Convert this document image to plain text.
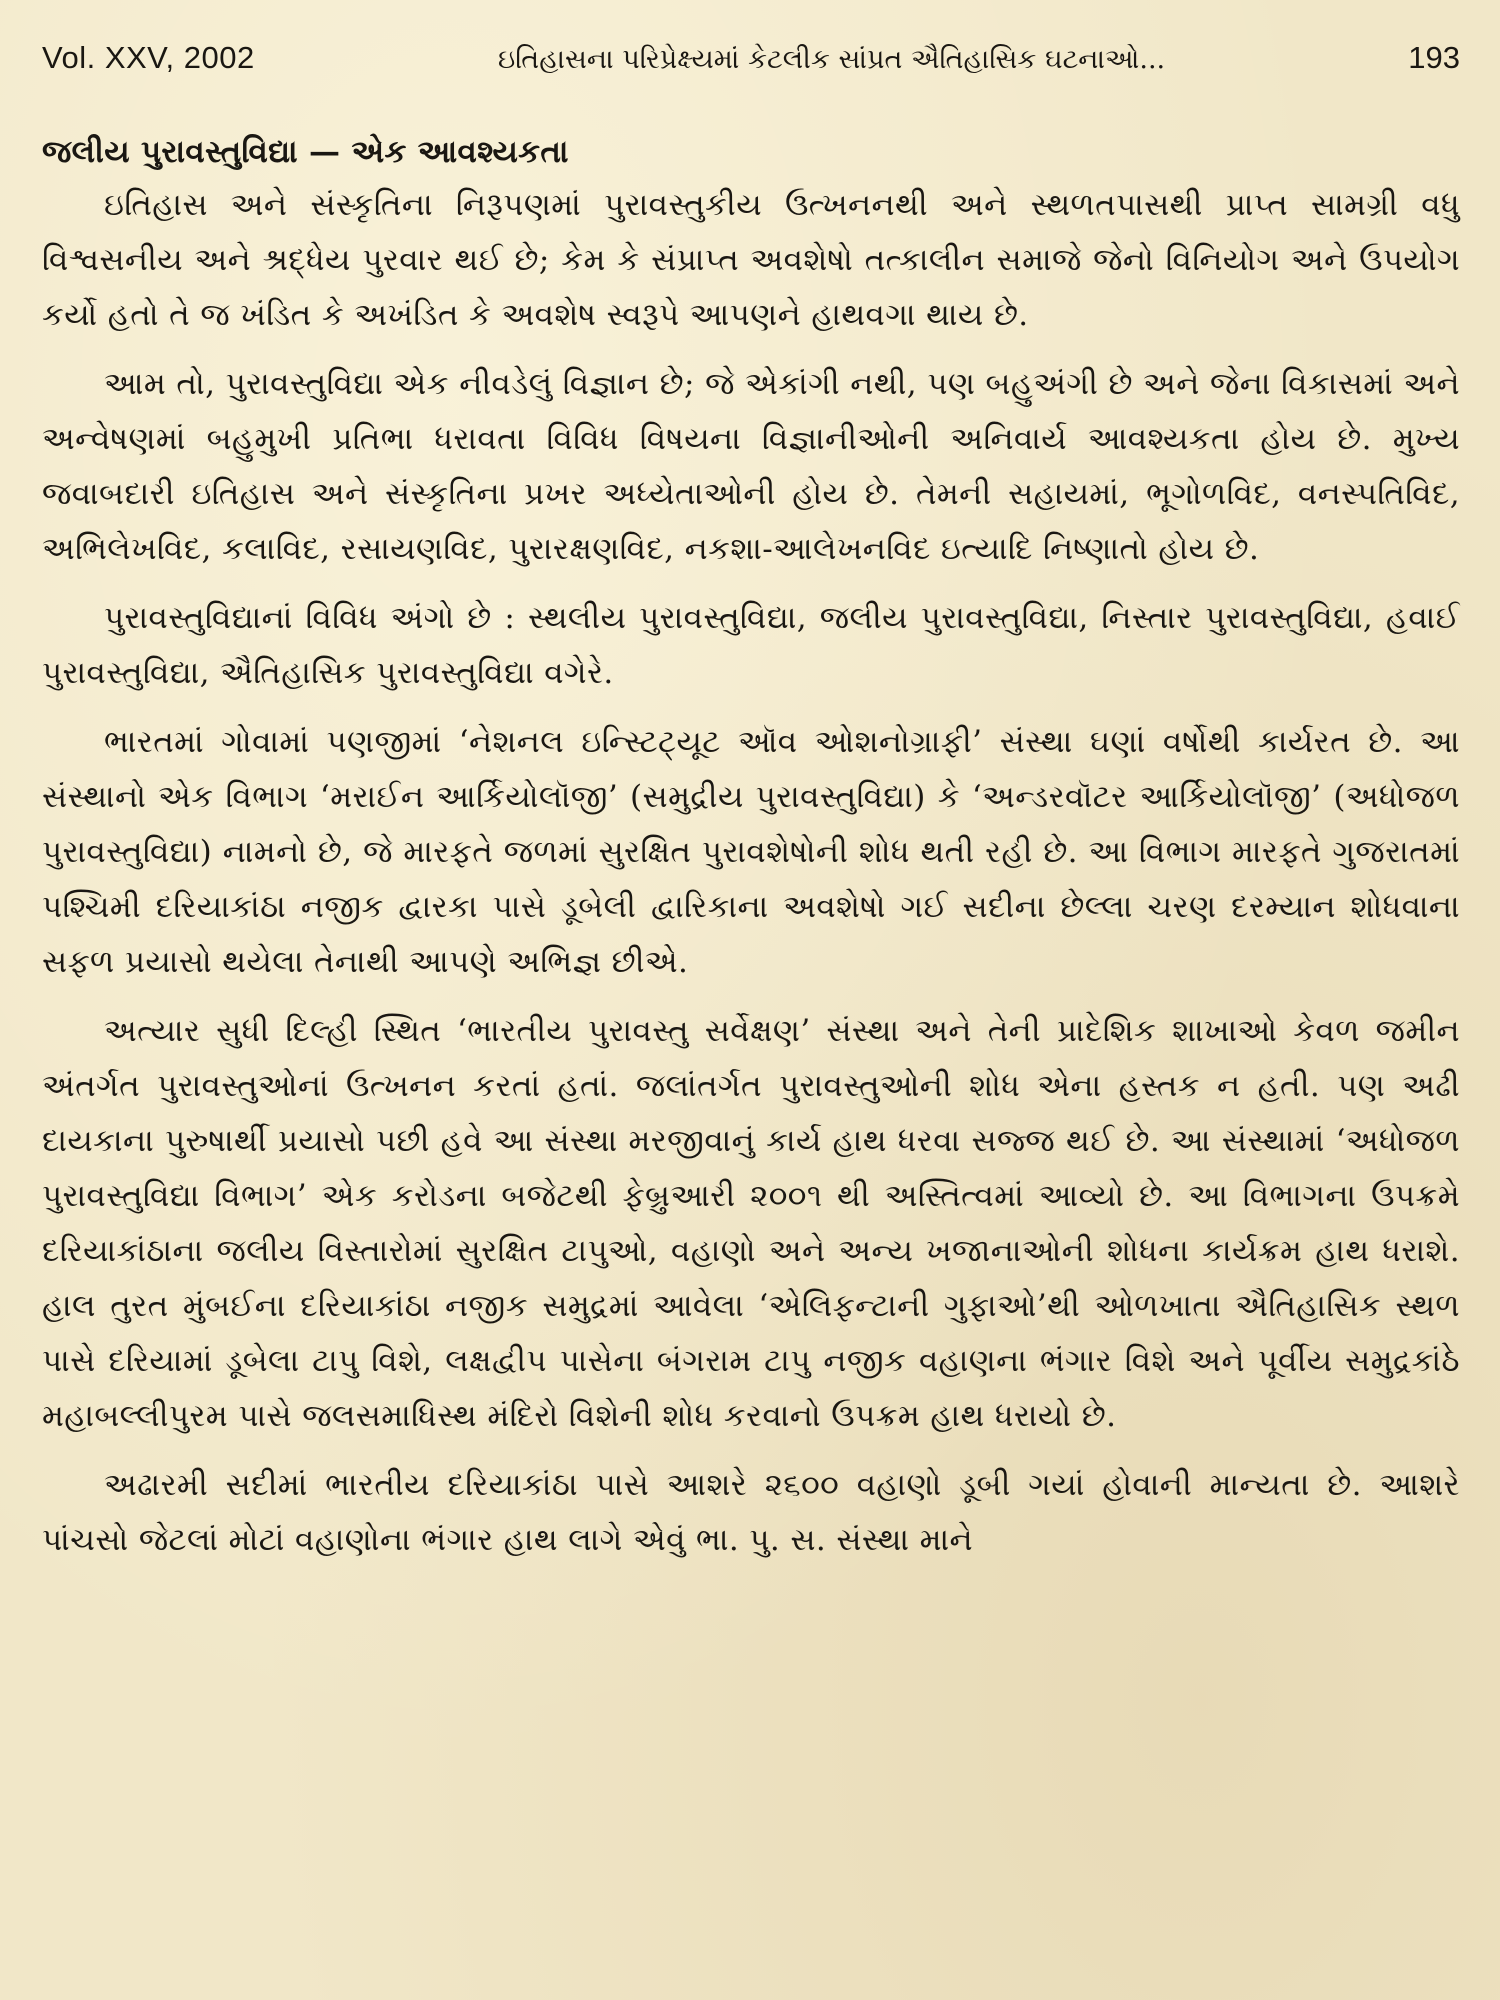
Vol. XXV, 2002	ઇતિહાસના પરિપ્રેક્ષ્યમાં કેટલીક સાંપ્રત ઐતિહાસિક ઘટનાઓ...	193
જલીય પુરાવસ્તુવિદ્યા — એક આવશ્યકતા

ઇતિહાસ અને સંસ્કૃતિના નિરૂપણમાં પુરાવસ્તુકીય ઉત્ખનનથી અને સ્થળતપાસથી પ્રાપ્ત સામગ્રી વધુ વિશ્વસનીય અને શ્રદ્ધેય પુરવાર થઈ છે; કેમ કે સંપ્રાપ્ત અવશેષો તત્કાલીન સમાજે જેનો વિનિયોગ અને ઉપયોગ કર્યો હતો તે જ ખંડિત કે અખંડિત કે અવશેષ સ્વરૂપે આપણને હાથવગા થાય છે.

આમ તો, પુરાવસ્તુવિદ્યા એક નીવડેલું વિજ્ઞાન છે; જે એકાંગી નથી, પણ બહુઅંગી છે અને જેના વિકાસમાં અને અન્વેષણમાં બહુમુખી પ્રતિભા ધરાવતા વિવિધ વિષયના વિજ્ઞાનીઓની અનિવાર્ય આવશ્યકતા હોય છે. મુખ્ય જવાબદારી ઇતિહાસ અને સંસ્કૃતિના પ્રખર અધ્યેતાઓની હોય છે. તેમની સહાયમાં, ભૂગોળવિદ, વનસ્પતિવિદ, અભિલેખવિદ, કલાવિદ, રસાયણવિદ, પુરારક્ષણવિદ, નકશા-આલેખનવિદ ઇત્યાદિ નિષ્ણાતો હોય છે.

પુરાવસ્તુવિદ્યાનાં વિવિધ અંગો છે : સ્થલીય પુરાવસ્તુવિદ્યા, જલીય પુરાવસ્તુવિદ્યા, નિસ્તાર પુરાવસ્તુવિદ્યા, હવાઈ પુરાવસ્તુવિદ્યા, ઐતિહાસિક પુરાવસ્તુવિદ્યા વગેરે.

ભારતમાં ગોવામાં પણજીમાં ‘નેશનલ ઇન્સ્ટિટ્યૂટ ઑવ ઓશનોગ્રાફી’ સંસ્થા ઘણાં વર્ષોથી કાર્યરત છે. આ સંસ્થાનો એક વિભાગ ‘મરાઈન આર્કિયોલૉજી’ (સમુદ્રીય પુરાવસ્તુવિદ્યા) કે ‘અન્ડરવૉટર આર્કિયોલૉજી’ (અધોજળ પુરાવસ્તુવિદ્યા) નામનો છે, જે મારફતે જળમાં સુરક્ષિત પુરાવશેષોની શોધ થતી રહી છે. આ વિભાગ મારફતે ગુજરાતમાં પશ્ચિમી દરિયાકાંઠા નજીક દ્વારકા પાસે ડૂબેલી દ્વારિકાના અવશેષો ગઈ સદીના છેલ્લા ચરણ દરમ્યાન શોધવાના સફળ પ્રયાસો થયેલા તેનાથી આપણે અભિજ્ઞ છીએ.

અત્યાર સુધી દિલ્હી સ્થિત ‘ભારતીય પુરાવસ્તુ સર્વેક્ષણ’ સંસ્થા અને તેની પ્રાદેશિક શાખાઓ કેવળ જમીન અંતર્ગત પુરાવસ્તુઓનાં ઉત્ખનન કરતાં હતાં. જલાંતર્ગત પુરાવસ્તુઓની શોધ એના હસ્તક ન હતી. પણ અઢી દાયકાના પુરુષાર્થી પ્રયાસો પછી હવે આ સંસ્થા મરજીવાનું કાર્ય હાથ ધરવા સજ્જ થઈ છે. આ સંસ્થામાં ‘અધોજળ પુરાવસ્તુવિદ્યા વિભાગ’ એક કરોડના બજેટથી ફેબ્રુઆરી ૨૦૦૧ થી અસ્તિત્વમાં આવ્યો છે. આ વિભાગના ઉપક્રમે દરિયાકાંઠાના જલીય વિસ્તારોમાં સુરક્ષિત ટાપુઓ, વહાણો અને અન્ય ખજાનાઓની શોધના કાર્યક્રમ હાથ ધરાશે. હાલ તુરત મુંબઈના દરિયાકાંઠા નજીક સમુદ્રમાં આવેલા ‘એલિફન્ટાની ગુફાઓ’થી ઓળખાતા ઐતિહાસિક સ્થળ પાસે દરિયામાં ડૂબેલા ટાપુ વિશે, લક્ષદ્વીપ પાસેના બંગરામ ટાપુ નજીક વહાણના ભંગાર વિશે અને પૂર્વીય સમુદ્રકાંઠે મહાબલ્લીપુરમ પાસે જલસમાધિસ્થ મંદિરો વિશેની શોધ કરવાનો ઉપક્રમ હાથ ધરાયો છે.

અઢારમી સદીમાં ભારતીય દરિયાકાંઠા પાસે આશરે ૨૬૦૦ વહાણો ડૂબી ગયાં હોવાની માન્યતા છે. આશરે પાંચસો જેટલાં મોટાં વહાણોના ભંગાર હાથ લાગે એવું ભા. પુ. સ. સંસ્થા માને
